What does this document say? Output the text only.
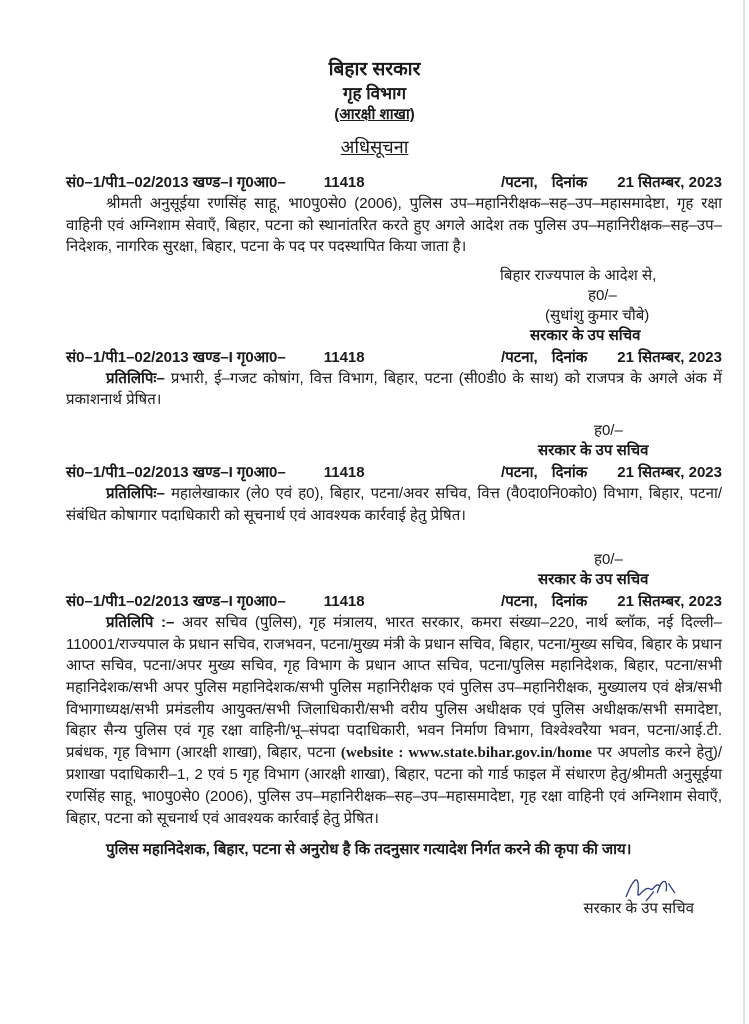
बिहार सरकार
गृह विभाग
(आरक्षी शाखा)
अधिसूचना
सं0–1/पी1–02/2013 खण्ड–I गृ0आ0–	11418	/पटना, दिनांक 21 सितम्बर, 2023
श्रीमती अनुसूईया रणसिंह साहू, भा0पु0से0 (2006), पुलिस उप–महानिरीक्षक–सह–उप–महासमादेष्टा, गृह रक्षा वाहिनी एवं अग्निशाम सेवाएँ, बिहार, पटना को स्थानांतरित करते हुए अगले आदेश तक पुलिस उप–महानिरीक्षक–सह–उप–निदेशक, नागरिक सुरक्षा, बिहार, पटना के पद पर पदस्थापित किया जाता है।
बिहार राज्यपाल के आदेश से,
ह0/–
(सुधांशु कुमार चौबे)
सरकार के उप सचिव
सं0–1/पी1–02/2013 खण्ड–I गृ0आ0–	11418	/पटना, दिनांक 21 सितम्बर, 2023
प्रतिलिपिः– प्रभारी, ई–गजट कोषांग, वित्त विभाग, बिहार, पटना (सी0डी0 के साथ) को राजपत्र के अगले अंक में प्रकाशनार्थ प्रेषित।
ह0/–
सरकार के उप सचिव
सं0–1/पी1–02/2013 खण्ड–I गृ0आ0–	11418	/पटना, दिनांक 21 सितम्बर, 2023
प्रतिलिपिः– महालेखाकार (ले0 एवं ह0), बिहार, पटना/अवर सचिव, वित्त (वै0दा0नि0को0) विभाग, बिहार, पटना/संबंधित कोषागार पदाधिकारी को सूचनार्थ एवं आवश्यक कार्रवाई हेतु प्रेषित।
ह0/–
सरकार के उप सचिव
सं0–1/पी1–02/2013 खण्ड–I गृ0आ0–	11418	/पटना, दिनांक 21 सितम्बर, 2023
प्रतिलिपि :– अवर सचिव (पुलिस), गृह मंत्रालय, भारत सरकार, कमरा संख्या–220, नार्थ ब्लॉक, नई दिल्ली–110001/राज्यपाल के प्रधान सचिव, राजभवन, पटना/मुख्य मंत्री के प्रधान सचिव, बिहार, पटना/मुख्य सचिव, बिहार के प्रधान आप्त सचिव, पटना/अपर मुख्य सचिव, गृह विभाग के प्रधान आप्त सचिव, पटना/पुलिस महानिदेशक, बिहार, पटना/सभी महानिदेशक/सभी अपर पुलिस महानिदेशक/सभी पुलिस महानिरीक्षक एवं पुलिस उप–महानिरीक्षक, मुख्यालय एवं क्षेत्र/सभी विभागाध्यक्ष/सभी प्रमंडलीय आयुक्त/सभी जिलाधिकारी/सभी वरीय पुलिस अधीक्षक एवं पुलिस अधीक्षक/सभी समादेष्टा, बिहार सैन्य पुलिस एवं गृह रक्षा वाहिनी/भू–संपदा पदाधिकारी, भवन निर्माण विभाग, विश्वेश्वरैया भवन, पटना/आई.टी. प्रबंधक, गृह विभाग (आरक्षी शाखा), बिहार, पटना (website : www.state.bihar.gov.in/home पर अपलोड करने हेतु)/प्रशाखा पदाधिकारी–1, 2 एवं 5 गृह विभाग (आरक्षी शाखा), बिहार, पटना को गार्ड फाइल में संधारण हेतु/श्रीमती अनुसूईया रणसिंह साहू, भा0पु0से0 (2006), पुलिस उप–महानिरीक्षक–सह–उप–महासमादेष्टा, गृह रक्षा वाहिनी एवं अग्निशाम सेवाएँ, बिहार, पटना को सूचनार्थ एवं आवश्यक कार्रवाई हेतु प्रेषित।
पुलिस महानिदेशक, बिहार, पटना से अनुरोध है कि तदनुसार गत्यादेश निर्गत करने की कृपा की जाय।
सरकार के उप सचिव
